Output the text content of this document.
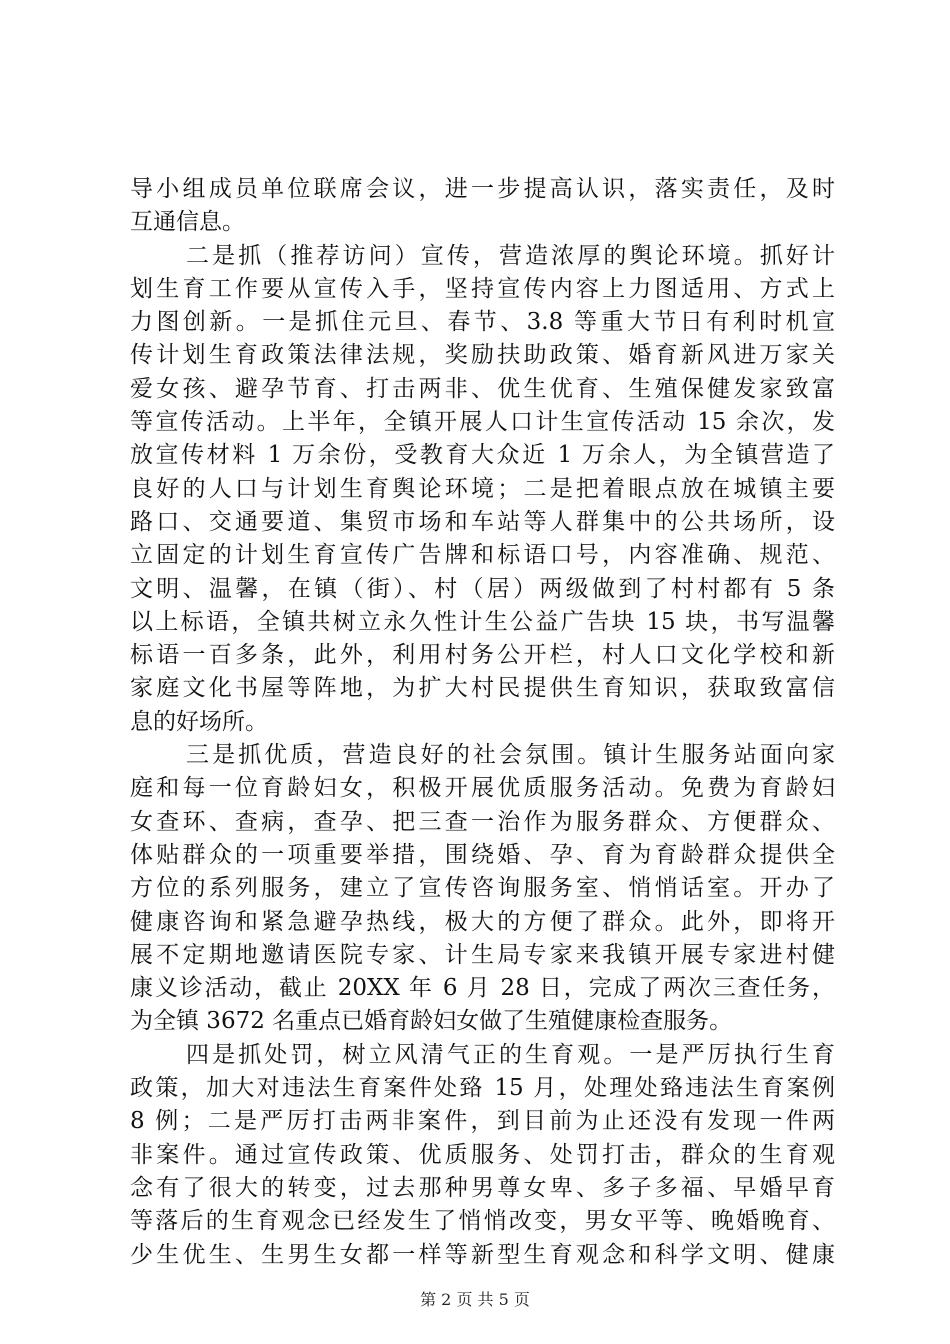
导小组成员单位联席会议，进一步提高认识，落实责任，及时
互通信息。
二是抓（推荐访问）宣传，营造浓厚的舆论环境。抓好计
划生育工作要从宣传入手，坚持宣传内容上力图适用、方式上
力图创新。一是抓住元旦、春节、3.8 等重大节日有利时机宣
传计划生育政策法律法规，奖励扶助政策、婚育新风进万家关
爱女孩、避孕节育、打击两非、优生优育、生殖保健发家致富
等宣传活动。上半年，全镇开展人口计生宣传活动 15 余次，发
放宣传材料 1 万余份，受教育大众近 1 万余人，为全镇营造了
良好的人口与计划生育舆论环境；二是把着眼点放在城镇主要
路口、交通要道、集贸市场和车站等人群集中的公共场所，设
立固定的计划生育宣传广告牌和标语口号，内容准确、规范、
文明、温馨，在镇（街）、村（居）两级做到了村村都有 5 条
以上标语，全镇共树立永久性计生公益广告块 15 块，书写温馨
标语一百多条，此外，利用村务公开栏，村人口文化学校和新
家庭文化书屋等阵地，为扩大村民提供生育知识，获取致富信
息的好场所。
三是抓优质，营造良好的社会氛围。镇计生服务站面向家
庭和每一位育龄妇女，积极开展优质服务活动。免费为育龄妇
女查环、查病，查孕、把三查一治作为服务群众、方便群众、
体贴群众的一项重要举措，围绕婚、孕、育为育龄群众提供全
方位的系列服务，建立了宣传咨询服务室、悄悄话室。开办了
健康咨询和紧急避孕热线，极大的方便了群众。此外，即将开
展不定期地邀请医院专家、计生局专家来我镇开展专家进村健
康义诊活动，截止 20XX 年 6 月 28 日，完成了两次三查任务，
为全镇 3672 名重点已婚育龄妇女做了生殖健康检查服务。
四是抓处罚，树立风清气正的生育观。一是严厉执行生育
政策，加大对违法生育案件处臵 15 月，处理处臵违法生育案例
8 例；二是严厉打击两非案件，到目前为止还没有发现一件两
非案件。通过宣传政策、优质服务、处罚打击，群众的生育观
念有了很大的转变，过去那种男尊女卑、多子多福、早婚早育
等落后的生育观念已经发生了悄悄改变，男女平等、晚婚晚育、
少生优生、生男生女都一样等新型生育观念和科学文明、健康
第 2 页 共 5 页
